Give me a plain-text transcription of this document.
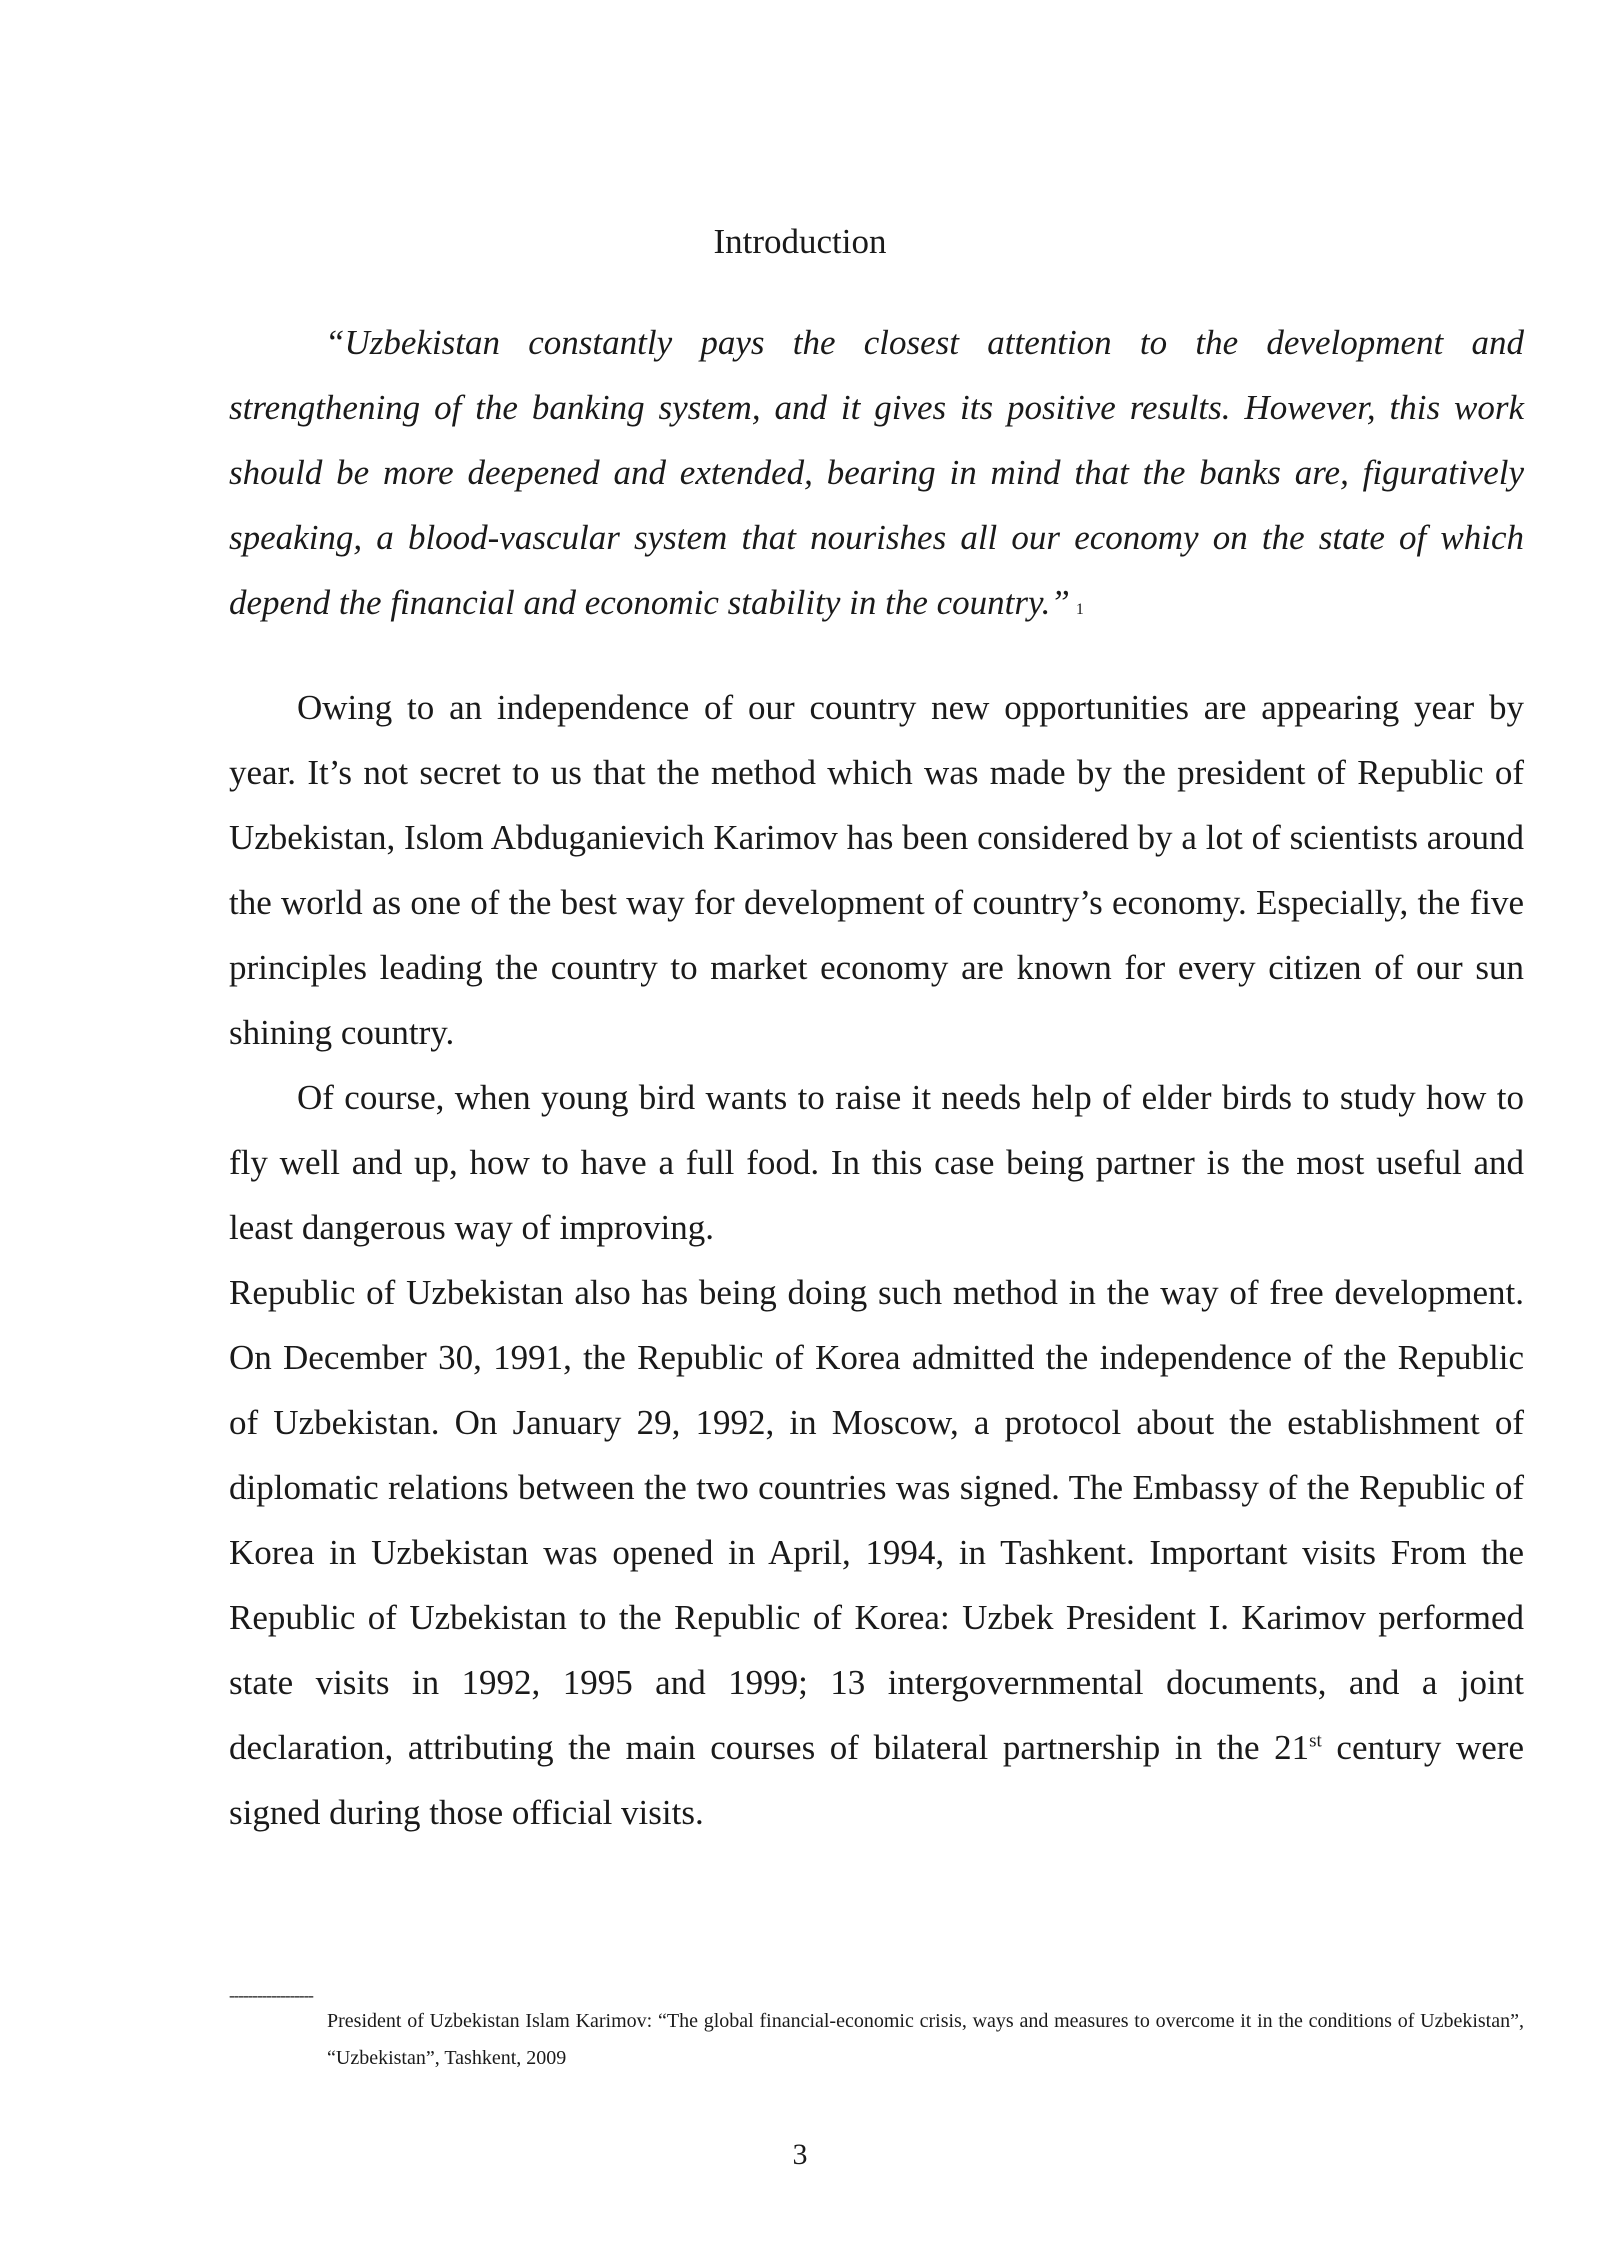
Introduction

“Uzbekistan constantly pays the closest attention to the development and strengthening of the banking system, and it gives its positive results. However, this work should be more deepened and extended, bearing in mind that the banks are, figuratively speaking, a blood-vascular system that nourishes all our economy on the state of which depend the financial and economic stability in the country.” 1

Owing to an independence of our country new opportunities are appearing year by year. It’s not secret to us that the method which was made by the president of Republic of Uzbekistan, Islom Abduganievich Karimov has been considered by a lot of scientists around the world as one of the best way for development of country’s economy. Especially, the five principles leading the country to market economy are known for every citizen of our sun shining country.

Of course, when young bird wants to raise it needs help of elder birds to study how to fly well and up, how to have a full food. In this case being partner is the most useful and least dangerous way of improving.

Republic of Uzbekistan also has being doing such method in the way of free development. On December 30, 1991, the Republic of Korea admitted the independence of the Republic of Uzbekistan. On January 29, 1992, in Moscow, a protocol about the establishment of diplomatic relations between the two countries was signed. The Embassy of the Republic of Korea in Uzbekistan was opened in April, 1994, in Tashkent. Important visits From the Republic of Uzbekistan to the Republic of Korea: Uzbek President I. Karimov performed state visits in 1992, 1995 and 1999; 13 intergovernmental documents, and a joint declaration, attributing the main courses of bilateral partnership in the 21st century were signed during those official visits.

------------------
President of Uzbekistan Islam Karimov: “The global financial-economic crisis, ways and measures to overcome it in the conditions of Uzbekistan”, “Uzbekistan”, Tashkent, 2009
3
